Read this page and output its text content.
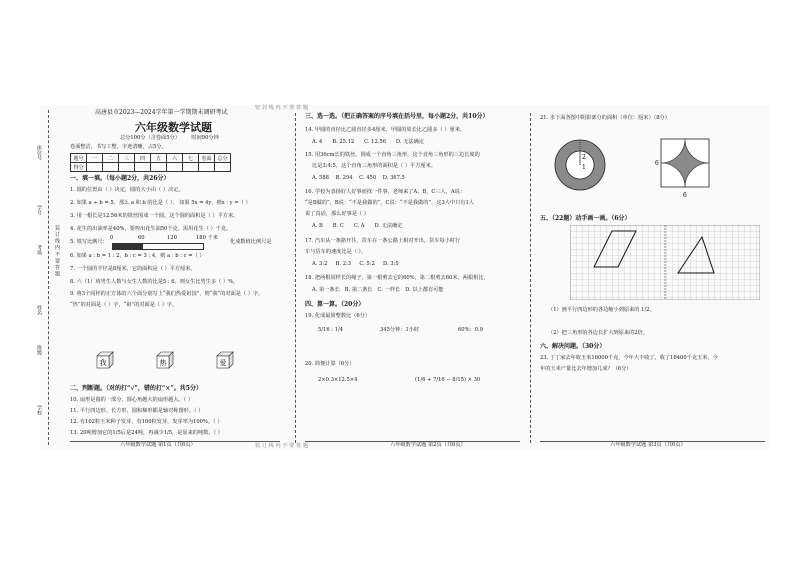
装 订 线 内 不 要 答 题
座位号
学号
考场
姓名
班级
学校
密 封 线 内 不 要 答 题
高唐县市2023—2024学年第一学期期末调研考试
六年级数学试题
总分100分（含卷面5分）       时间90分钟
卷面整洁，书写工整，字迹清晰，占5分。
题号	一	二	三	四	五	六	七	卷面	总分
得分									
一、填一填。（每小题2分，共26分）
1. 圆的位置由（ ）决定，圆的大小由（ ）决定。
2. 如果 a ÷ b = 5，那么 a 和 b 的比是（ ）。 如果 5x = 4y，则x : y =（ ）
3. 用一根长是12.56米的铁丝围成一个圆，这个圆的面积是（ ）平方米。
4. 花生的出油率是40%，要榨出花生油50千克，需用花生（ ）千克。
5. 填写比例尺：
0	60	120	180 千米
化成数值比例尺是
6. 如果 a : b = 1 : 2，b : c = 3 : 4，则 a : b : c =（ ）
7. 一个圆的半径是8厘米，它的面积是（ ）平方厘米。
8. 六（1）班男生人数与女生人数的比是5 : 6，则女生比男生多（ ）%。
9. 将3个同样的正方体的六个面分别写上“我们热爱祖国”，则“我”的对面是（ ）字，
“热”的对面是（ ）字，“祖”的对面是（ ）字。
我	热	爱
二、判断题。（对的打“√”，错的打“×”。共5分）
10. 扇形是圆的一部分，圆心角越大的扇形越大。（ ）
11. 平行四边形、长方形、圆和梯形都是轴对称图形。（ ）
12. 有102粒玉米种子发芽，有100粒发芽，发芽率为100%。（ ）
13. 20吨增加它的1/5后是24吨，再减少1/5，是原来的吨数。（ ）
六年级数学试题 第1页（共6页）
三、选一选。（把正确答案的序号填在括号里，每小题2分，共10分）
14. 甲圆的直径比乙圆直径多4厘米，甲圆的周长比乙圆多（ ）厘米。
A. 4      B. 25.12      C. 12.56      D. 无法确定
15. 用36cm长的铁丝，围成一个直角三角形，这个直角三角形的三边长度的
比是3:4:5，这个直角三角形的面积是（ ）平方厘米。
A. 588    B. 294    C. 450    D. 367.5
16. 学校为表扬好人好事而找一件事，老师来了A、B、C三人，A说：
“是B做的”，B说：“不是我做的”，C说：“不是我做的”，这3人中只有1人
说了真话，那么好事是（ ）
A. B      B. C      C. A      D. 无法确定
17. 汽车从一条路开往，货车在一条公路上相对开出，货车每小时行
车与货车的速度比是（ ）。
A. 3:2     B. 2:3     C. 5:2     D. 3:5
18. 把两根同样长的绳子，第一根剪去它的60%，第二根剪去60米，两根相比，
A. 第一条长   B. 第二条长   C. 一样长   D. 以上都有可能
四、算一算。（20分）
19. 化成最简整数比（6分）
5/16 : 1/4	345分钟：1小时	60%：0.9
20. 简便计算（6分）
2×0.3×12.5×4	(1/6 + 7/16 − 8/15) × 30
六年级数学试题 第2页（共6页）
21. 求下面各图中阴影部分的面积（单位：厘米）（8分）
2
1
6
6
五、（22题）动手画一画。（6分）
（1）画平行四边形的各边缩小到原来的 1/2。
（2）把三角形的各边长扩大到原来的2倍。
六、解决问题。（30分）
23. 丁丁家去年收玉米16000千克，今年大丰收了，收了18400千克玉米，今
年的玉米产量比去年增加几成？（6分）
六年级数学试题 第3页（共6页）
装 订 线 内 不 要 答 题
